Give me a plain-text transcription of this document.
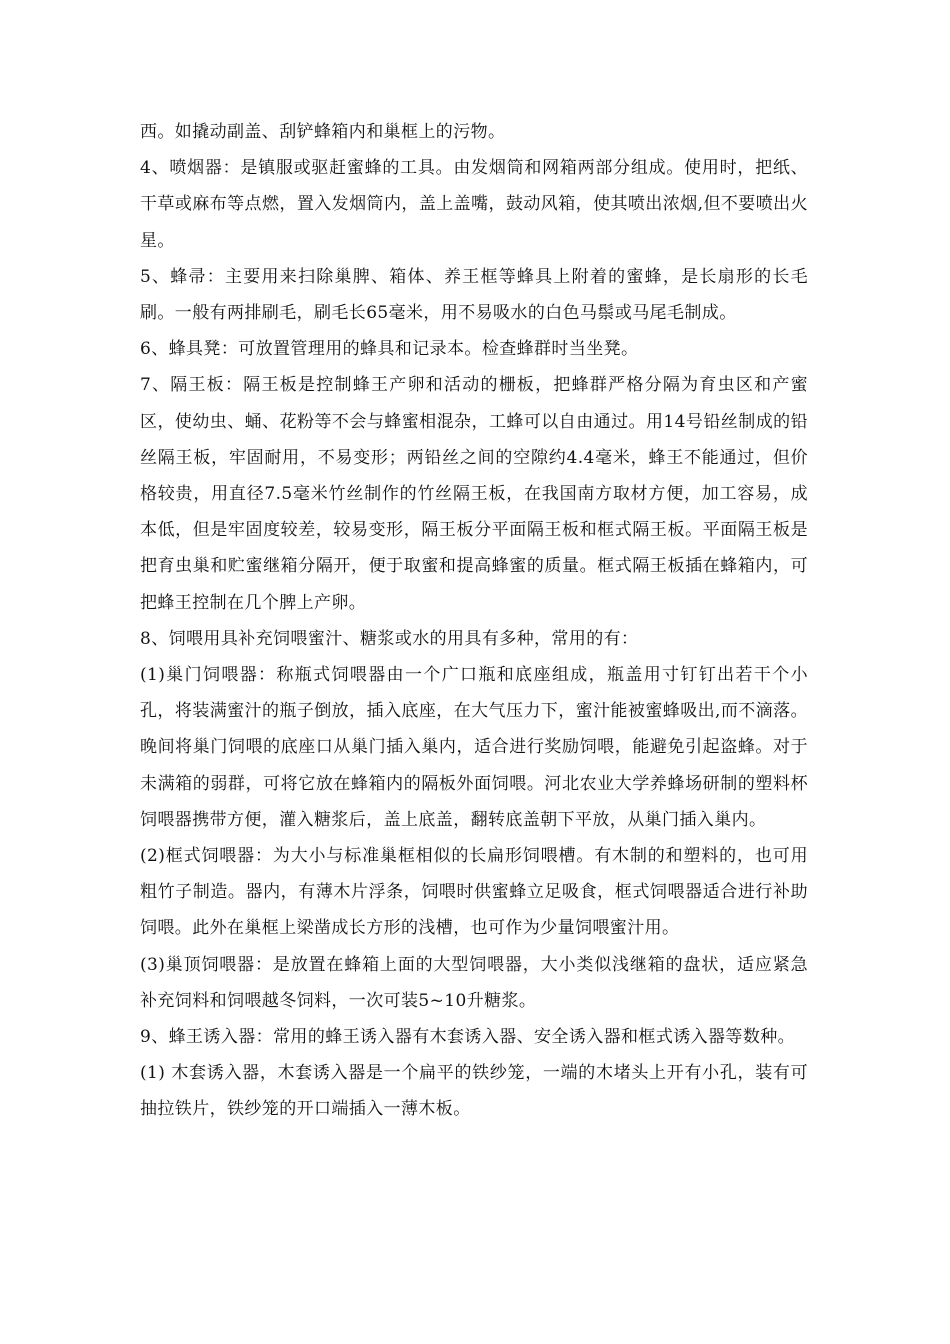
西。如撬动副盖、刮铲蜂箱内和巢框上的污物。

4、喷烟器：是镇服或驱赶蜜蜂的工具。由发烟筒和网箱两部分组成。使用时，把纸、干草或麻布等点燃，置入发烟筒内，盖上盖嘴，鼓动风箱，使其喷出浓烟,但不要喷出火星。

5、蜂帚：主要用来扫除巢脾、箱体、养王框等蜂具上附着的蜜蜂，是长扇形的长毛刷。一般有两排刷毛，刷毛长65毫米，用不易吸水的白色马鬃或马尾毛制成。

6、蜂具凳：可放置管理用的蜂具和记录本。检查蜂群时当坐凳。

7、隔王板：隔王板是控制蜂王产卵和活动的栅板，把蜂群严格分隔为育虫区和产蜜区，使幼虫、蛹、花粉等不会与蜂蜜相混杂，工蜂可以自由通过。用14号铅丝制成的铅丝隔王板，牢固耐用，不易变形；两铅丝之间的空隙约4.4毫米，蜂王不能通过，但价格较贵，用直径7.5毫米竹丝制作的竹丝隔王板，在我国南方取材方便，加工容易，成本低，但是牢固度较差，较易变形，隔王板分平面隔王板和框式隔王板。平面隔王板是把育虫巢和贮蜜继箱分隔开，便于取蜜和提高蜂蜜的质量。框式隔王板插在蜂箱内，可把蜂王控制在几个脾上产卵。

8、饲喂用具补充饲喂蜜汁、糖浆或水的用具有多种，常用的有：

(1)巢门饲喂器：称瓶式饲喂器由一个广口瓶和底座组成，瓶盖用寸钉钉出若干个小孔，将装满蜜汁的瓶子倒放，插入底座，在大气压力下，蜜汁能被蜜蜂吸出,而不滴落。晚间将巢门饲喂的底座口从巢门插入巢内，适合进行奖励饲喂，能避免引起盗蜂。对于未满箱的弱群，可将它放在蜂箱内的隔板外面饲喂。河北农业大学养蜂场研制的塑料杯饲喂器携带方便，灌入糖浆后，盖上底盖，翻转底盖朝下平放，从巢门插入巢内。

(2)框式饲喂器：为大小与标准巢框相似的长扁形饲喂槽。有木制的和塑料的，也可用粗竹子制造。器内，有薄木片浮条，饲喂时供蜜蜂立足吸食，框式饲喂器适合进行补助饲喂。此外在巢框上梁凿成长方形的浅槽，也可作为少量饲喂蜜汁用。

(3)巢顶饲喂器：是放置在蜂箱上面的大型饲喂器，大小类似浅继箱的盘状，适应紧急补充饲料和饲喂越冬饲料，一次可装5~10升糖浆。

9、蜂王诱入器：常用的蜂王诱入器有木套诱入器、安全诱入器和框式诱入器等数种。

(1) 木套诱入器，木套诱入器是一个扁平的铁纱笼，一端的木堵头上开有小孔，装有可抽拉铁片，铁纱笼的开口端插入一薄木板。
